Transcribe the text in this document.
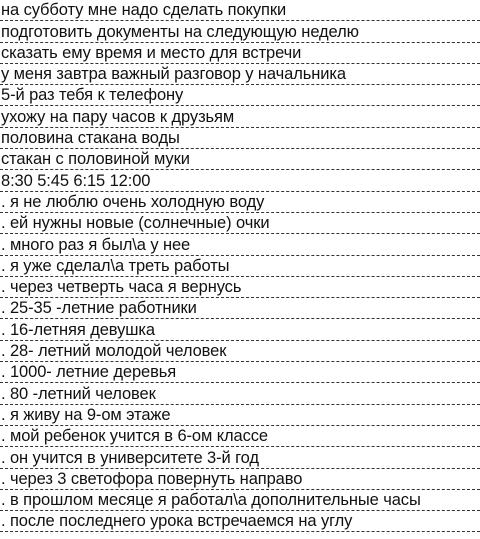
на субботу мне надо сделать покупки
подготовить документы на следующую неделю
сказать ему время и место для встречи
у меня завтра важный разговор у начальника
5-й раз тебя к телефону
ухожу на пару часов к друзьям
половина стакана воды
стакан с половиной муки
8:30 5:45 6:15 12:00
. я не люблю очень холодную воду
. ей нужны новые (солнечные) очки
. много раз я был\а у нее
. я уже сделал\а треть работы
. через четверть часа я вернусь
. 25-35 -летние работники
. 16-летняя девушка
. 28- летний молодой человек
. 1000- летние деревья
. 80 -летний человек
. я живу на 9-ом этаже
. мой ребенок учится в 6-ом классе
. он учится в университете 3-й год
. через 3 светофора повернуть направо
. в прошлом месяце я работал\а дополнительные часы
. после последнего урока встречаемся на углу
